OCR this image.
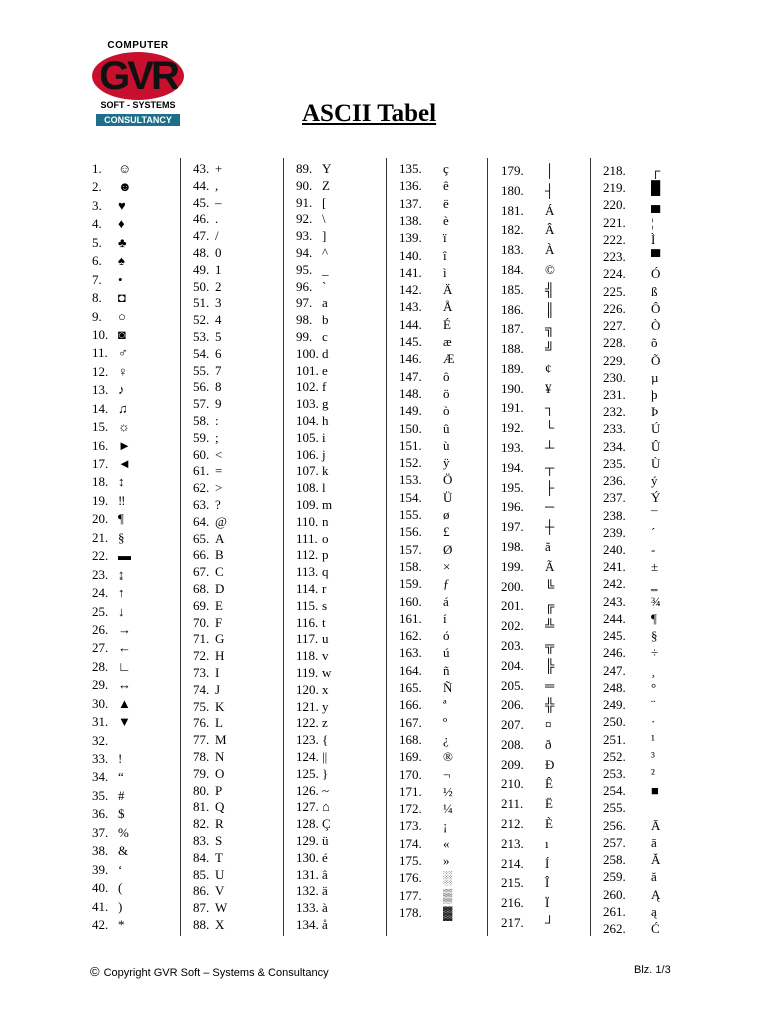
COMPUTER
GVR
SOFT - SYSTEMS
CONSULTANCY	ASCII Tabel
1. ☺
2. ☻
3. ♥
4. ♦
5. ♣
6. ♠
7. •
8. ◘
9. ○
10. ◙
11. ♂
12. ♀
13. ♪
14. ♫
15. ☼
16. ►
17. ◄
18. ↕
19. ‼
20. ¶
21. §
22. ▬
23. ↨
24. ↑
25. ↓
26. →
27. ←
28. ∟
29. ↔
30. ▲
31. ▼
32.
33. !
34. “
35. #
36. $
37. %
38. &
39. ‘
40. (
41. )
42. *
43. +
44. ,
45. –
46. .
47. /
48. 0
49. 1
50. 2
51. 3
52. 4
53. 5
54. 6
55. 7
56. 8
57. 9
58. :
59. ;
60. <
61. =
62. >
63. ?
64. @
65. A
66. B
67. C
68. D
69. E
70. F
71. G
72. H
73. I
74. J
75. K
76. L
77. M
78. N
79. O
80. P
81. Q
82. R
83. S
84. T
85. U
86. V
87. W
88. X
89. Y
90. Z
91. [
92. \
93. ]
94. ^
95. _
96. `
97. a
98. b
99. c
100. d
101. e
102. f
103. g
104. h
105. i
106. j
107. k
108. l
109. m
110. n
111. o
112. p
113. q
114. r
115. s
116. t
117. u
118. v
119. w
120. x
121. y
122. z
123. {
124. ||
125. }
126. ~
127. ⌂
128. Ç
129. ü
130. é
131. â
132. ä
133. à
134. å
135. ç
136. ê
137. ë
138. è
139. ï
140. î
141. ì
142. Ä
143. Å
144. É
145. æ
146. Æ
147. ô
148. ö
149. ò
150. û
151. ù
152. ÿ
153. Ö
154. Ü
155. ø
156. £
157. Ø
158. ×
159. ƒ
160. á
161. í
162. ó
163. ú
164. ñ
165. Ñ
166. ª
167. º
168. ¿
169. ®
170. ¬
171. ½
172. ¼
173. ¡
174. «
175. »
176. ░
177. ▒
178. ▓
179. │
180. ┤
181. Á
182. Â
183. À
184. ©
185. ╣
186. ║
187. ╗
188. ╝
189. ¢
190. ¥
191. ┐
192. └
193. ┴
194. ┬
195. ├
196. ─
197. ┼
198. ã
199. Ã
200. ╚
201. ╔
202. ╩
203. ╦
204. ╠
205. ═
206. ╬
207. ¤
208. ð
209. Ð
210. Ê
211. Ë
212. È
213. ı
214. Í
215. Î
216. Ï
217. ┘
218. ┌
219. █
220. ▄
221. ¦
222. Ì
223. ▀
224. Ó
225. ß
226. Ô
227. Ò
228. õ
229. Õ
230. µ
231. þ
232. Þ
233. Ú
234. Û
235. Ù
236. ý
237. Ý
238. ¯
239. ´
240. -
241. ±
242. ‗
243. ¾
244. ¶
245. §
246. ÷
247. ¸
248. °
249. ¨
250. ·
251. ¹
252. ³
253. ²
254. ■
255.
256. Ā
257. ā
258. Ă
259. ă
260. Ą
261. ą
262. Ć
© Copyright GVR Soft – Systems & Consultancy	Blz. 1/3
